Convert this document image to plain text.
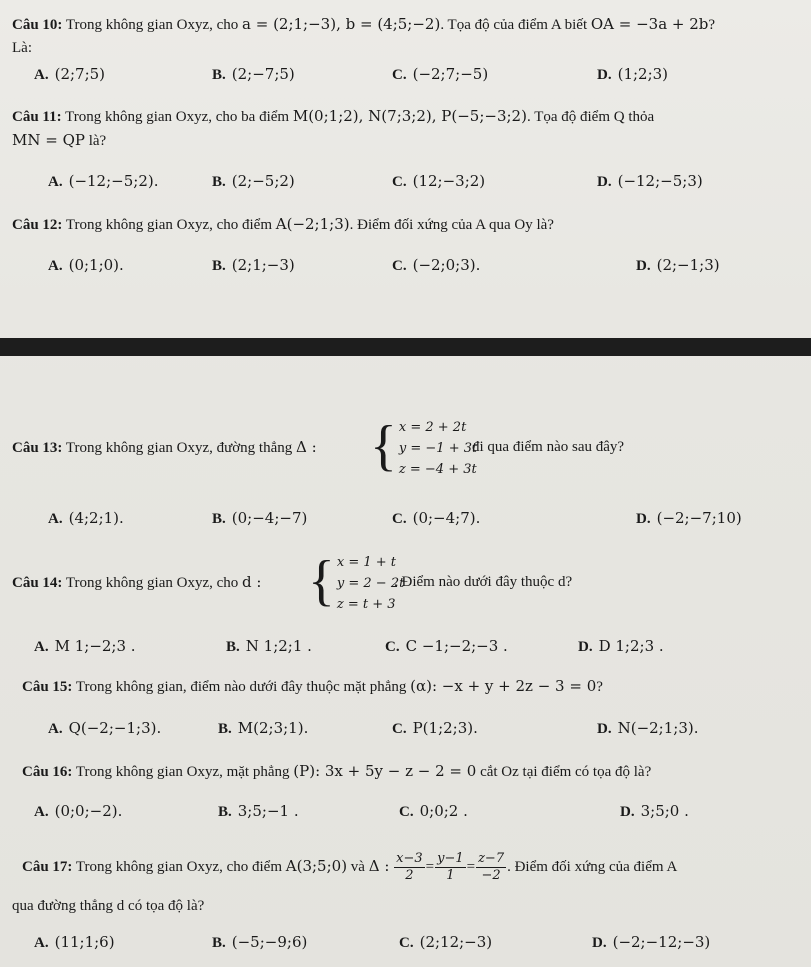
Câu 10: Trong không gian Oxyz, cho a = (2;1;−3), b = (4;5;−2). Tọa độ của điểm A biết OA = −3a + 2b?
Là:
A. (2;7;5)	B. (2;−7;5)	C. (−2;7;−5)	D. (1;2;3)
Câu 11: Trong không gian Oxyz, cho ba điểm M(0;1;2), N(7;3;2), P(−5;−3;2). Tọa độ điểm Q thỏa
MN = QP là?
A. (−12;−5;2).	B. (2;−5;2)	C. (12;−3;2)	D. (−12;−5;3)
Câu 12: Trong không gian Oxyz, cho điểm A(−2;1;3). Điểm đối xứng của A qua Oy là?
A. (0;1;0).	B. (2;1;−3)	C. (−2;0;3).	D. (2;−1;3)
Câu 13: Trong không gian Oxyz, đường thẳng Δ : { x = 2 + 2t
y = −1 + 3t
z = −4 + 3t
đi qua điểm nào sau đây?
A. (4;2;1).	B. (0;−4;−7)	C. (0;−4;7).	D. (−2;−7;10)
Câu 14: Trong không gian Oxyz, cho d : { x = 1 + t
y = 2 − 2t
z = t + 3
. Điểm nào dưới đây thuộc d?
A. M 1;−2;3 .	B. N 1;2;1 .	C. C −1;−2;−3 .	D. D 1;2;3 .
Câu 15: Trong không gian, điểm nào dưới đây thuộc mặt phẳng (α): −x + y + 2z − 3 = 0?
A. Q(−2;−1;3).	B. M(2;3;1).	C. P(1;2;3).	D. N(−2;1;3).
Câu 16: Trong không gian Oxyz, mặt phẳng (P): 3x + 5y − z − 2 = 0 cắt Oz tại điểm có tọa độ là?
A. (0;0;−2).	B. 3;5;−1 .	C. 0;0;2 .	D. 3;5;0 .
Câu 17: Trong không gian Oxyz, cho điểm A(3;5;0) và Δ : $\frac{x-3}{2} = \frac{y-1}{1} = \frac{z-7}{-2}$ . Điểm đối xứng của điểm A
qua đường thẳng d có tọa độ là?
A. (11;1;6)	B. (−5;−9;6)	C. (2;12;−3)	D. (−2;−12;−3)
